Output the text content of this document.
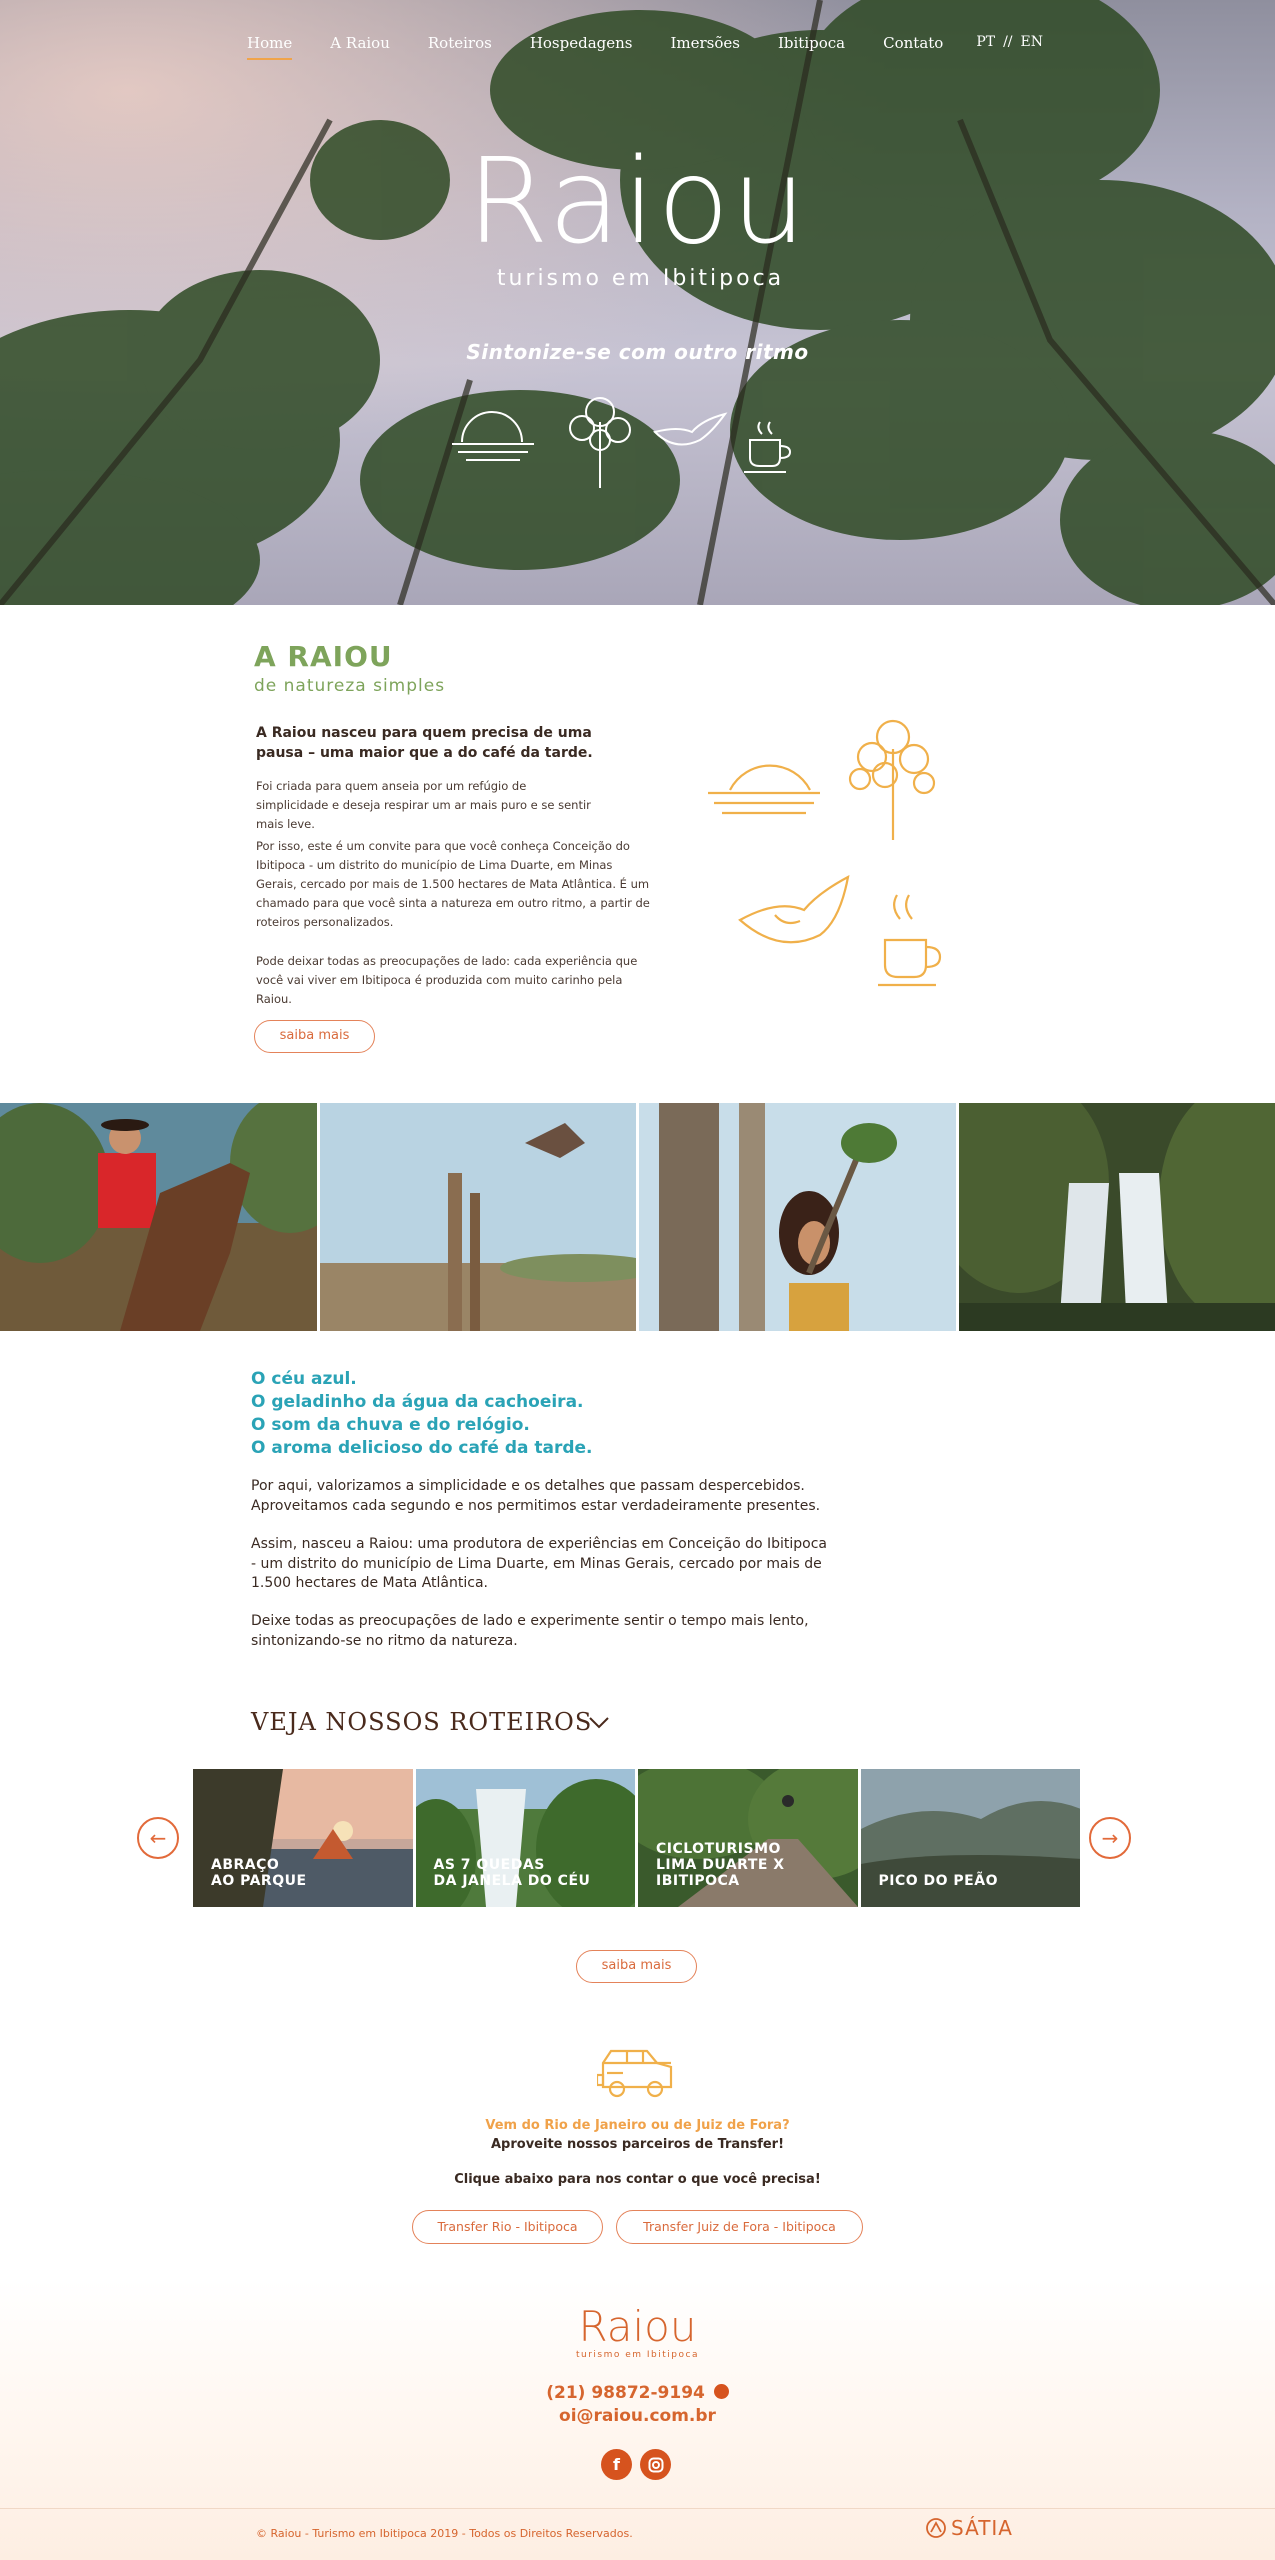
Home	A Raiou	Roteiros	Hospedagens	Imersões	Ibitipoca	Contato	PT // EN
Raiou
turismo em Ibitipoca
Sintonize-se com outro ritmo
A RAIOU
de natureza simples
A Raiou nasceu para quem precisa de uma pausa – uma maior que a do café da tarde.
Foi criada para quem anseia por um refúgio de simplicidade e deseja respirar um ar mais puro e se sentir mais leve.
Por isso, este é um convite para que você conheça Conceição do Ibitipoca - um distrito do município de Lima Duarte, em Minas Gerais, cercado por mais de 1.500 hectares de Mata Atlântica. É um chamado para que você sinta a natureza em outro ritmo, a partir de roteiros personalizados.
Pode deixar todas as preocupações de lado: cada experiência que você vai viver em Ibitipoca é produzida com muito carinho pela Raiou.
saiba mais
O céu azul.
O geladinho da água da cachoeira.
O som da chuva e do relógio.
O aroma delicioso do café da tarde.
Por aqui, valorizamos a simplicidade e os detalhes que passam despercebidos. Aproveitamos cada segundo e nos permitimos estar verdadeiramente presentes.
Assim, nasceu a Raiou: uma produtora de experiências em Conceição do Ibitipoca - um distrito do município de Lima Duarte, em Minas Gerais, cercado por mais de 1.500 hectares de Mata Atlântica.
Deixe todas as preocupações de lado e experimente sentir o tempo mais lento, sintonizando-se no ritmo da natureza.
VEJA NOSSOS ROTEIROS
←
ABRAÇO
AO PARQUE
AS 7 QUEDAS
DA JANELA DO CÉU
CICLOTURISMO
LIMA DUARTE X
IBITIPOCA	PICO DO PEÃO
→
saiba mais
Vem do Rio de Janeiro ou de Juiz de Fora?
Aproveite nossos parceiros de Transfer!
Clique abaixo para nos contar o que você precisa!
Transfer Rio - Ibitipoca	Transfer Juiz de Fora - Ibitipoca
Raiou
turismo em Ibitipoca
(21) 98872-9194
oi@raiou.com.br
f
© Raiou - Turismo em Ibitipoca 2019 - Todos os Direitos Reservados.	SÁTIA
